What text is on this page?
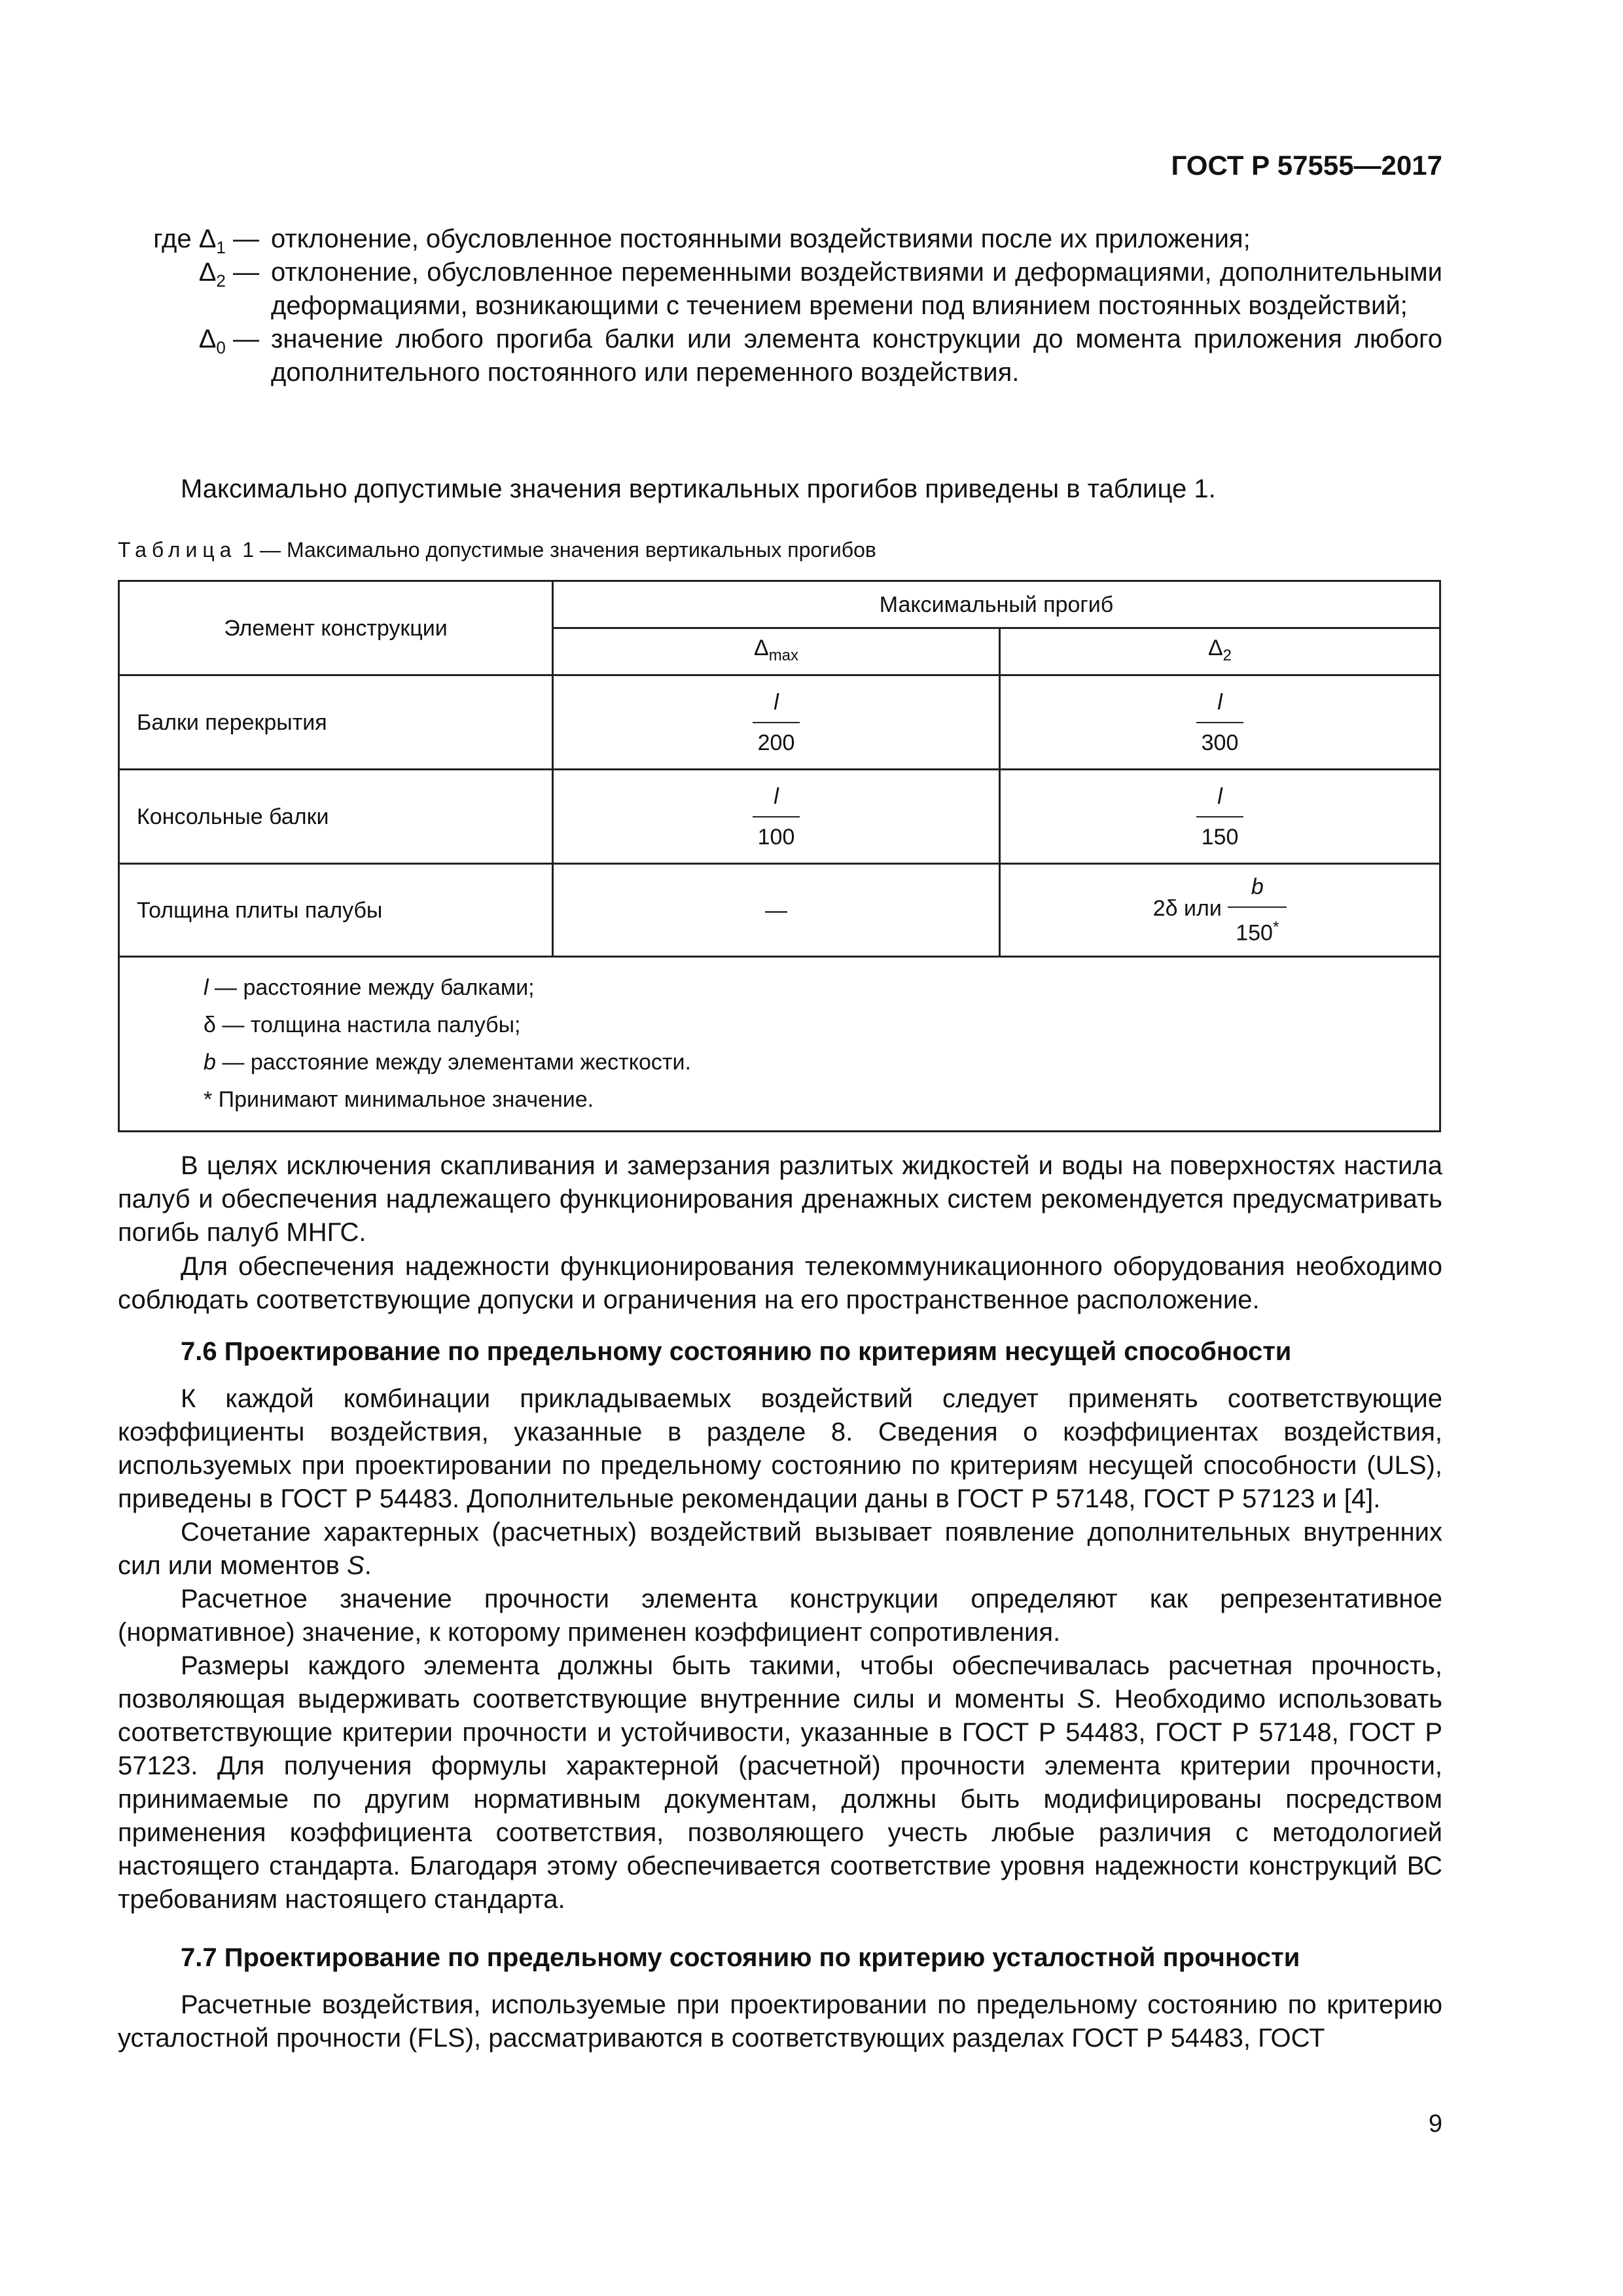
ГОСТ Р 57555—2017
где $\Delta_1$ — отклонение, обусловленное постоянными воздействиями после их приложения;
$\Delta_2$ — отклонение, обусловленное переменными воздействиями и деформациями, дополнительными деформациями, возникающими с течением времени под влиянием постоянных воздействий;
$\Delta_0$ — значение любого прогиба балки или элемента конструкции до момента приложения любого дополнительного постоянного или переменного воздействия.
Максимально допустимые значения вертикальных прогибов приведены в таблице 1.
Таблица 1 — Максимально допустимые значения вертикальных прогибов
Элемент конструкции	Максимальный прогиб	
	$\Delta_{max}$	$\Delta_2$
Балки перекрытия	$\frac{l}{200}$	$\frac{l}{300}$

Консольные балки	$\frac{l}{100}$	$\frac{l}{150}$

Толщина плиты палубы	—	2δ или $\frac{b}{150^*}$

l — расстояние между балками;
δ — толщина настила палубы;
b — расстояние между элементами жесткости.
* Принимают минимальное значение.		
В целях исключения скапливания и замерзания разлитых жидкостей и воды на поверхностях настила палуб и обеспечения надлежащего функционирования дренажных систем рекомендуется предусматривать погибь палуб МНГС.
Для обеспечения надежности функционирования телекоммуникационного оборудования необходимо соблюдать соответствующие допуски и ограничения на его пространственное расположение.
7.6 Проектирование по предельному состоянию по критериям несущей способности
К каждой комбинации прикладываемых воздействий следует применять соответствующие коэффициенты воздействия, указанные в разделе 8. Сведения о коэффициентах воздействия, используемых при проектировании по предельному состоянию по критериям несущей способности (ULS), приведены в ГОСТ Р 54483. Дополнительные рекомендации даны в ГОСТ Р 57148, ГОСТ Р 57123 и [4].
Сочетание характерных (расчетных) воздействий вызывает появление дополнительных внутренних сил или моментов S.
Расчетное значение прочности элемента конструкции определяют как репрезентативное (нормативное) значение, к которому применен коэффициент сопротивления.
Размеры каждого элемента должны быть такими, чтобы обеспечивалась расчетная прочность, позволяющая выдерживать соответствующие внутренние силы и моменты S. Необходимо использовать соответствующие критерии прочности и устойчивости, указанные в ГОСТ Р 54483, ГОСТ Р 57148, ГОСТ Р 57123. Для получения формулы характерной (расчетной) прочности элемента критерии прочности, принимаемые по другим нормативным документам, должны быть модифицированы посредством применения коэффициента соответствия, позволяющего учесть любые различия с методологией настоящего стандарта. Благодаря этому обеспечивается соответствие уровня надежности конструкций ВС требованиям настоящего стандарта.
7.7 Проектирование по предельному состоянию по критерию усталостной прочности
Расчетные воздействия, используемые при проектировании по предельному состоянию по критерию усталостной прочности (FLS), рассматриваются в соответствующих разделах ГОСТ Р 54483, ГОСТ
9
